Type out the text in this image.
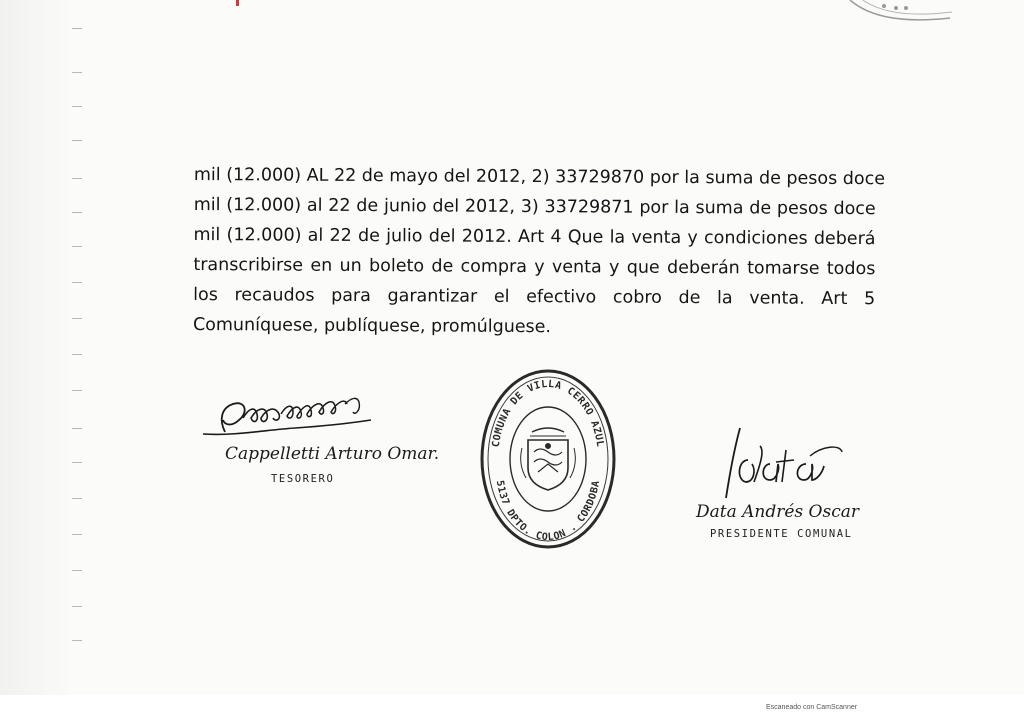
mil (12.000) AL 22 de mayo del 2012, 2) 33729870 por la suma de pesos doce
mil (12.000) al 22 de junio del 2012, 3) 33729871 por la suma de pesos doce
mil (12.000) al 22 de julio del 2012. Art 4 Que la venta y condiciones deberá
transcribirse en un boleto de compra y venta y que deberán tomarse todos
los recaudos para garantizar el efectivo cobro de la venta. Art 5
Comuníquese, publíquese, promúlguese.
Cappelletti Arturo Omar.
TESORERO
COMUNA DE VILLA CERRO AZUL
5137 DPTO. COLON . CORDOBA
Data Andrés Oscar
PRESIDENTE COMUNAL
Escaneado con CamScanner
